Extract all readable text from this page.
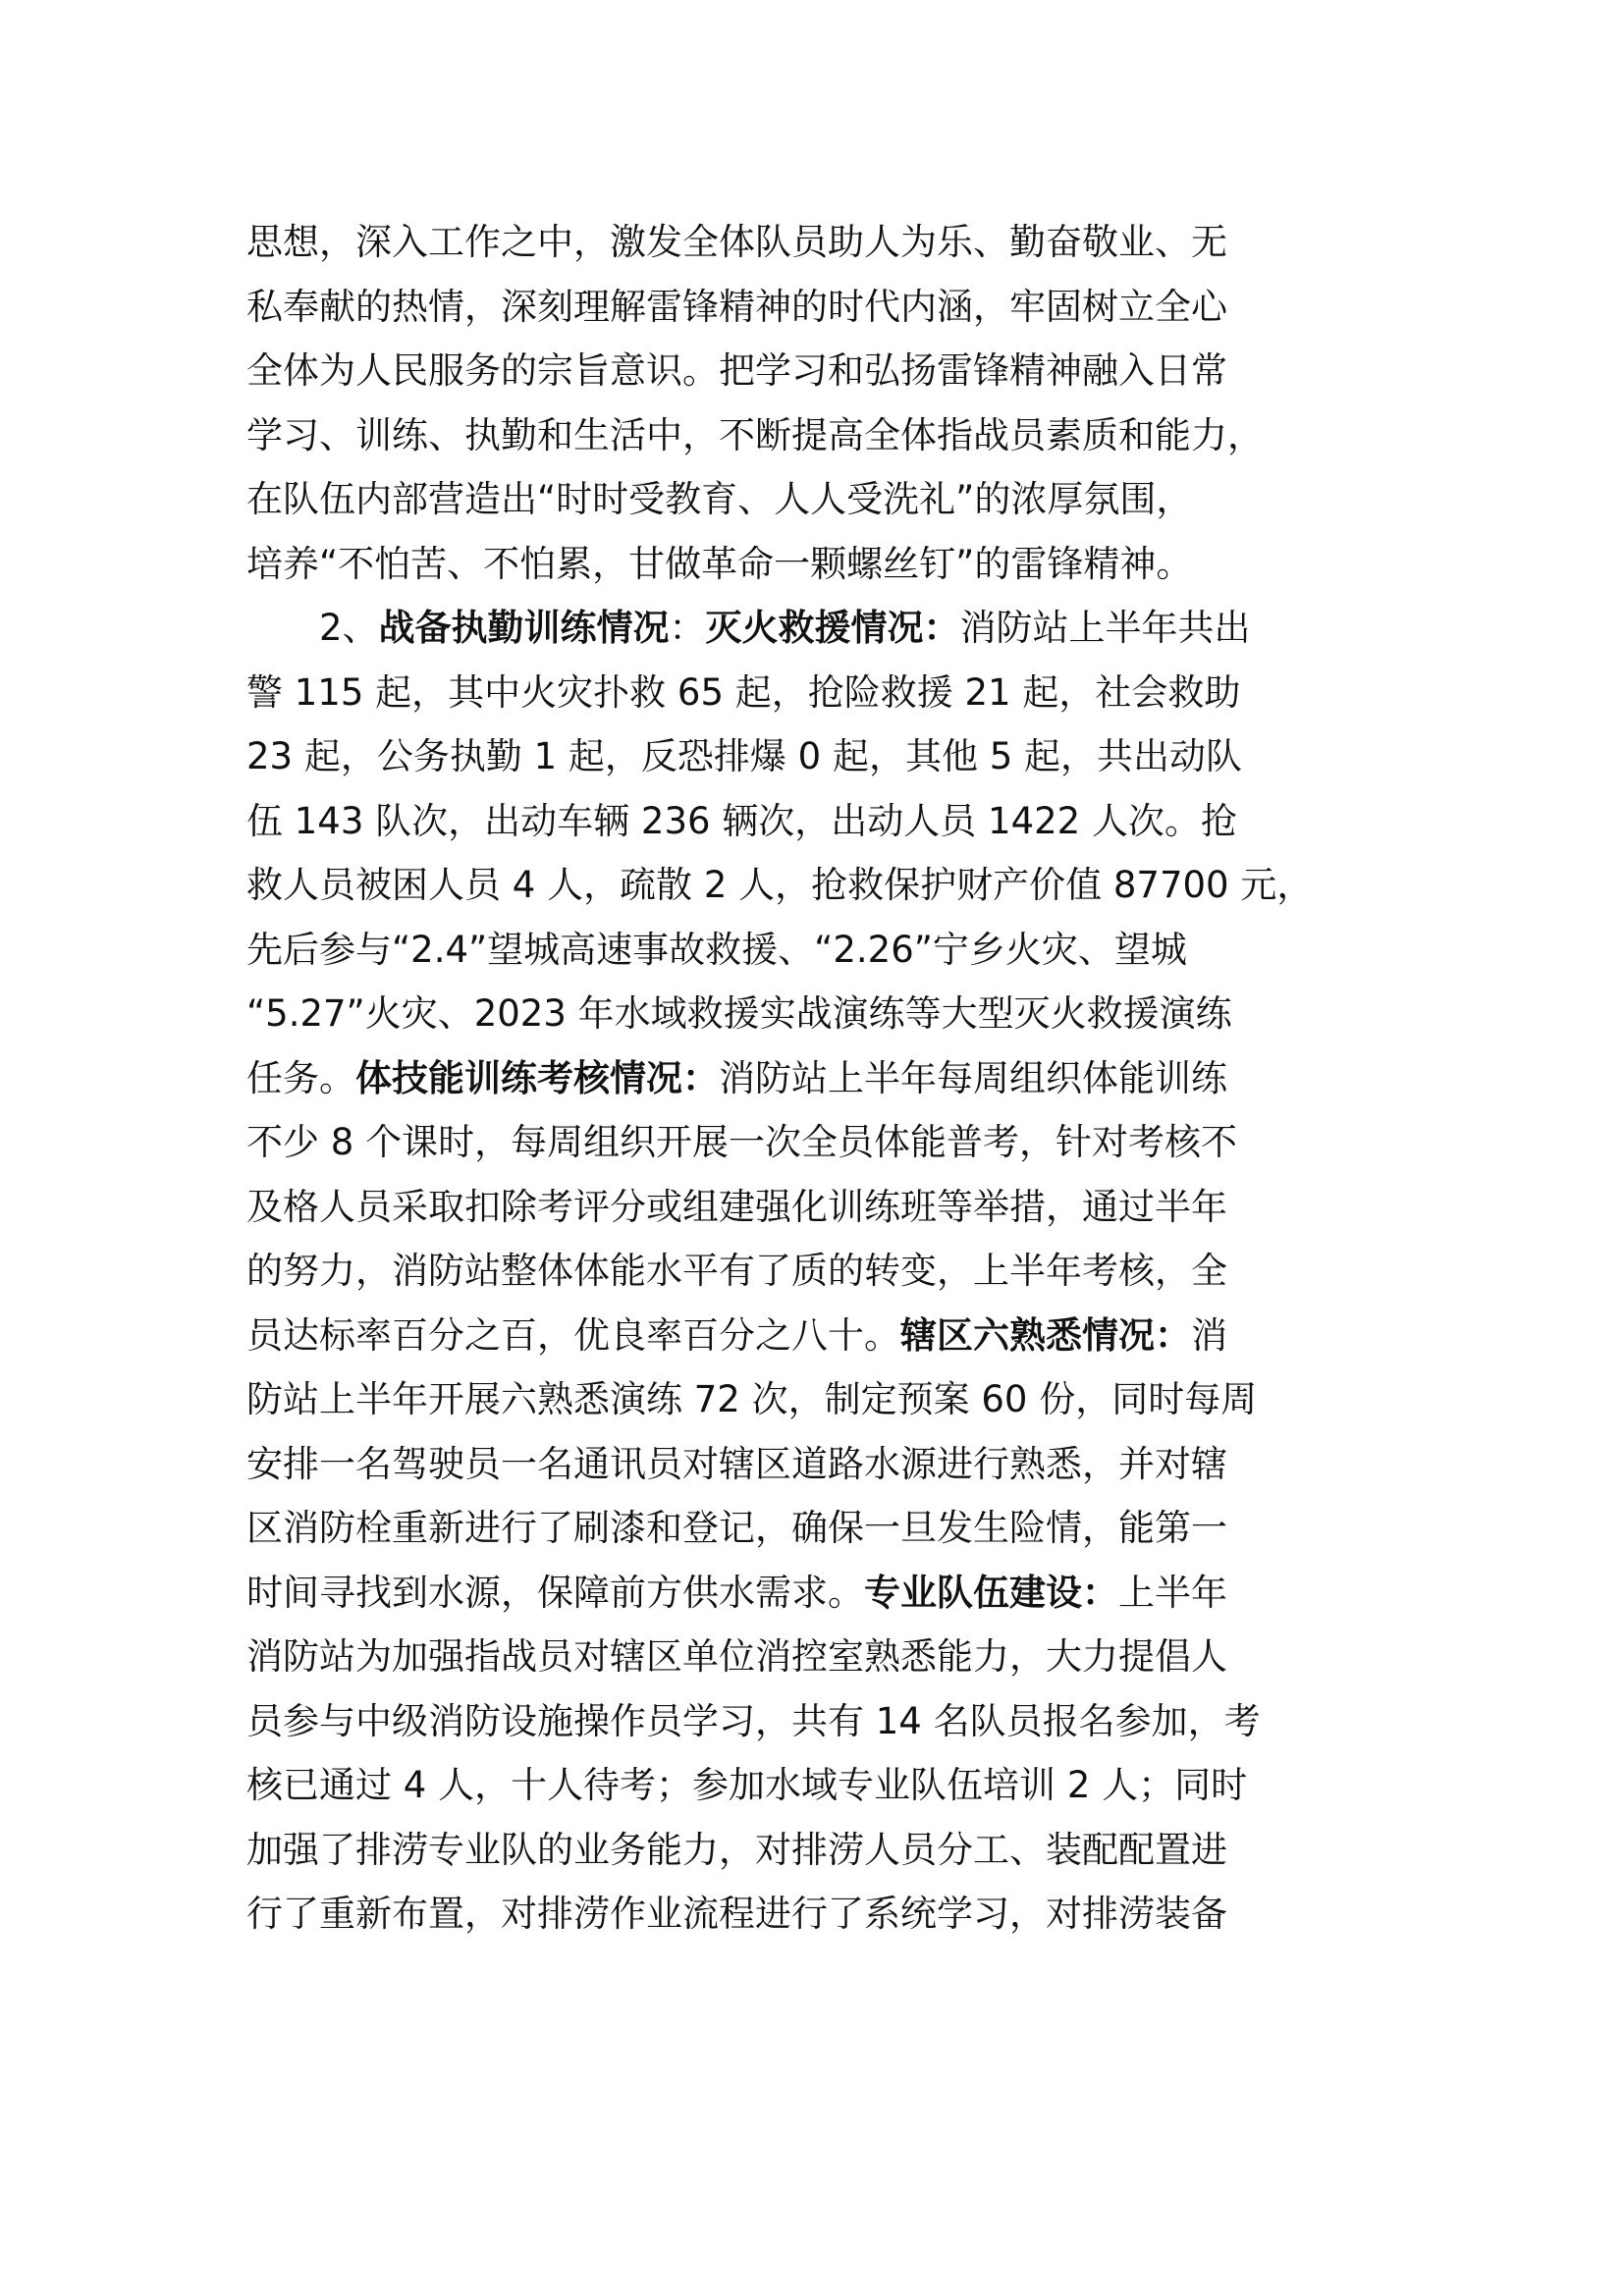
思想，深入工作之中，激发全体队员助人为乐、勤奋敬业、无
私奉献的热情，深刻理解雷锋精神的时代内涵，牢固树立全心
全体为人民服务的宗旨意识。把学习和弘扬雷锋精神融入日常
学习、训练、执勤和生活中，不断提高全体指战员素质和能力，
在队伍内部营造出“时时受教育、人人受洗礼”的浓厚氛围，
培养“不怕苦、不怕累，甘做革命一颗螺丝钉”的雷锋精神。
2、战备执勤训练情况：灭火救援情况：消防站上半年共出
警 115 起，其中火灾扑救 65 起，抢险救援 21 起，社会救助
23 起，公务执勤 1 起，反恐排爆 0 起，其他 5 起，共出动队
伍 143 队次，出动车辆 236 辆次，出动人员 1422 人次。抢
救人员被困人员 4 人，疏散 2 人，抢救保护财产价值 87700 元，
先后参与“2.4”望城高速事故救援、“2.26”宁乡火灾、望城
“5.27”火灾、2023 年水域救援实战演练等大型灭火救援演练
任务。体技能训练考核情况：消防站上半年每周组织体能训练
不少 8 个课时，每周组织开展一次全员体能普考，针对考核不
及格人员采取扣除考评分或组建强化训练班等举措，通过半年
的努力，消防站整体体能水平有了质的转变，上半年考核，全
员达标率百分之百，优良率百分之八十。辖区六熟悉情况：消
防站上半年开展六熟悉演练 72 次，制定预案 60 份，同时每周
安排一名驾驶员一名通讯员对辖区道路水源进行熟悉，并对辖
区消防栓重新进行了刷漆和登记，确保一旦发生险情，能第一
时间寻找到水源，保障前方供水需求。专业队伍建设：上半年
消防站为加强指战员对辖区单位消控室熟悉能力，大力提倡人
员参与中级消防设施操作员学习，共有 14 名队员报名参加，考
核已通过 4 人，十人待考；参加水域专业队伍培训 2 人；同时
加强了排涝专业队的业务能力，对排涝人员分工、装配配置进
行了重新布置，对排涝作业流程进行了系统学习，对排涝装备
